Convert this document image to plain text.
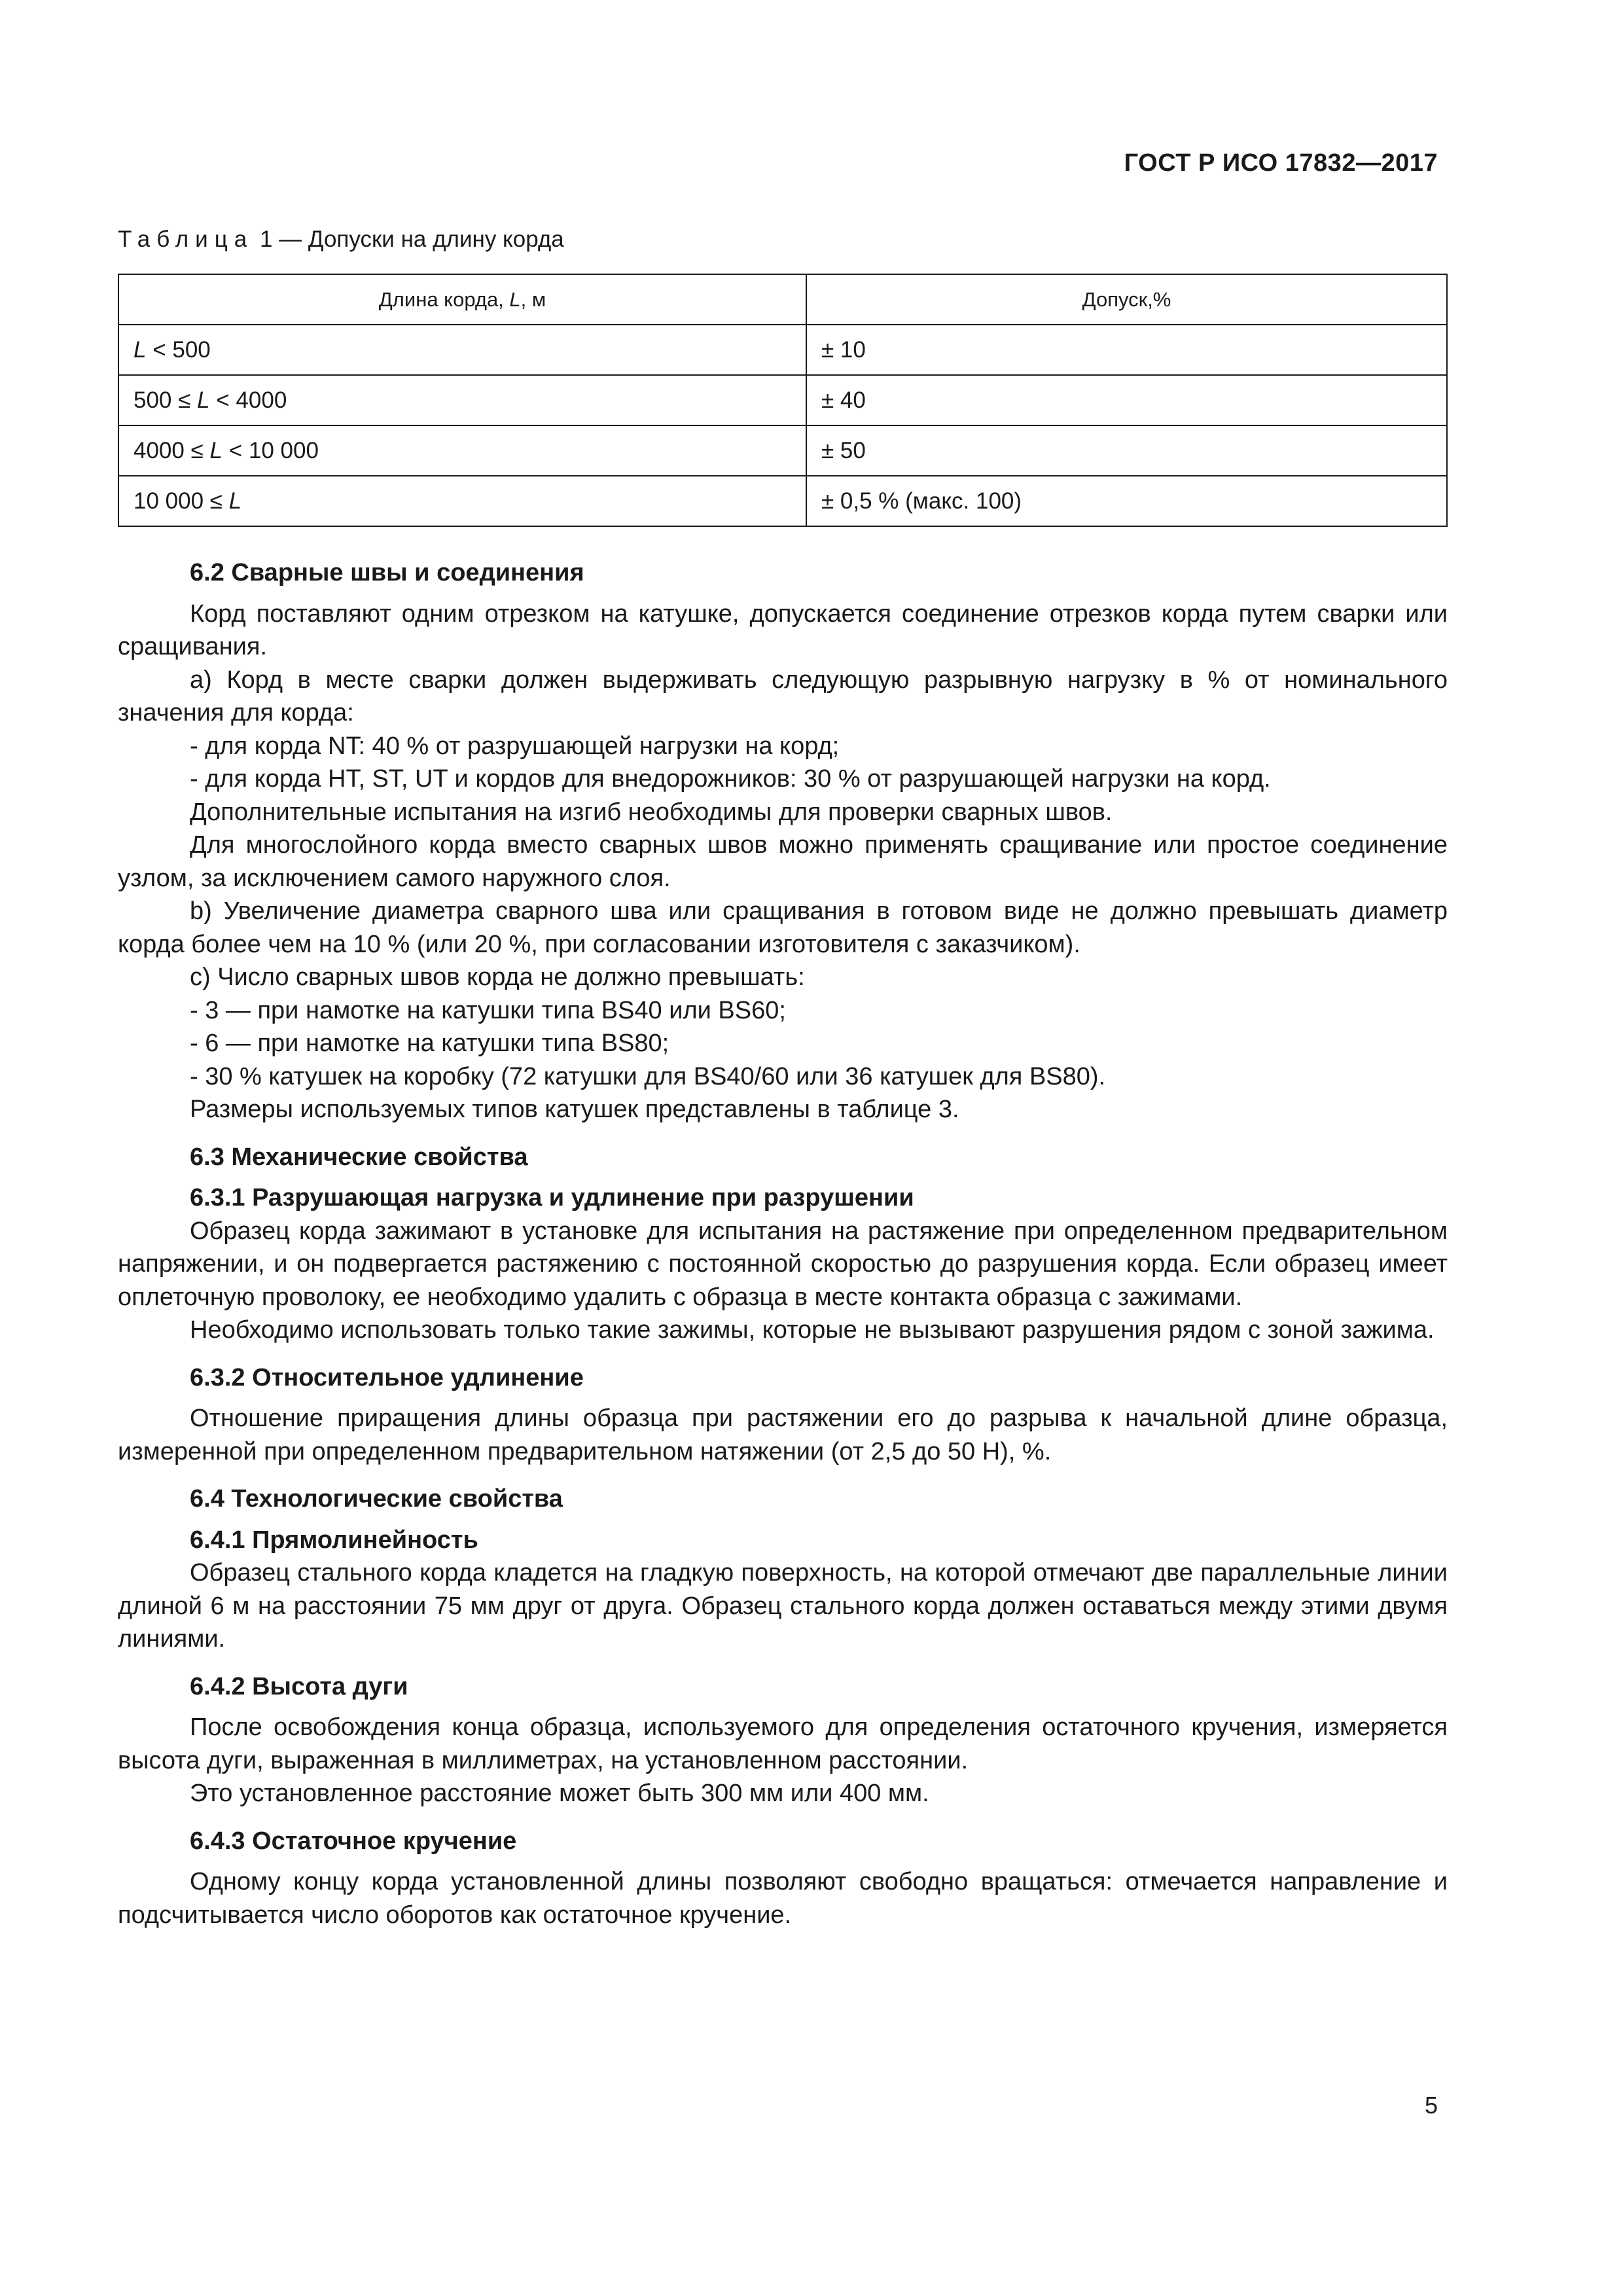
ГОСТ Р ИСО 17832—2017
Таблица 1 — Допуски на длину корда
Длина корда, L, м	Допуск,%
L < 500	± 10
500 ≤ L < 4000	± 40
4000 ≤ L < 10 000	± 50
10 000 ≤ L	± 0,5 % (макс. 100)
6.2 Сварные швы и соединения

Корд поставляют одним отрезком на катушке, допускается соединение отрезков корда путем сварки или сращивания.

a) Корд в месте сварки должен выдерживать следующую разрывную нагрузку в % от номинального значения для корда:

- для корда NT: 40 % от разрушающей нагрузки на корд;

- для корда HT, ST, UT и кордов для внедорожников: 30 % от разрушающей нагрузки на корд.

Дополнительные испытания на изгиб необходимы для проверки сварных швов.

Для многослойного корда вместо сварных швов можно применять сращивание или простое соединение узлом, за исключением самого наружного слоя.

b) Увеличение диаметра сварного шва или сращивания в готовом виде не должно превышать диаметр корда более чем на 10 % (или 20 %, при согласовании изготовителя с заказчиком).

c) Число сварных швов корда не должно превышать:

- 3 — при намотке на катушки типа BS40 или BS60;

- 6 — при намотке на катушки типа BS80;

- 30 % катушек на коробку (72 катушки для BS40/60 или 36 катушек для BS80).

Размеры используемых типов катушек представлены в таблице 3.

6.3 Механические свойства
6.3.1 Разрушающая нагрузка и удлинение при разрушении

Образец корда зажимают в установке для испытания на растяжение при определенном предварительном напряжении, и он подвергается растяжению с постоянной скоростью до разрушения корда. Если образец имеет оплеточную проволоку, ее необходимо удалить с образца в месте контакта образца с зажимами.

Необходимо использовать только такие зажимы, которые не вызывают разрушения рядом с зоной зажима.

6.3.2 Относительное удлинение

Отношение приращения длины образца при растяжении его до разрыва к начальной длине образца, измеренной при определенном предварительном натяжении (от 2,5 до 50 Н), %.

6.4 Технологические свойства
6.4.1 Прямолинейность

Образец стального корда кладется на гладкую поверхность, на которой отмечают две параллельные линии длиной 6 м на расстоянии 75 мм друг от друга. Образец стального корда должен оставаться между этими двумя линиями.

6.4.2 Высота дуги

После освобождения конца образца, используемого для определения остаточного кручения, измеряется высота дуги, выраженная в миллиметрах, на установленном расстоянии.

Это установленное расстояние может быть 300 мм или 400 мм.

6.4.3 Остаточное кручение

Одному концу корда установленной длины позволяют свободно вращаться: отмечается направление и подсчитывается число оборотов как остаточное кручение.

5
